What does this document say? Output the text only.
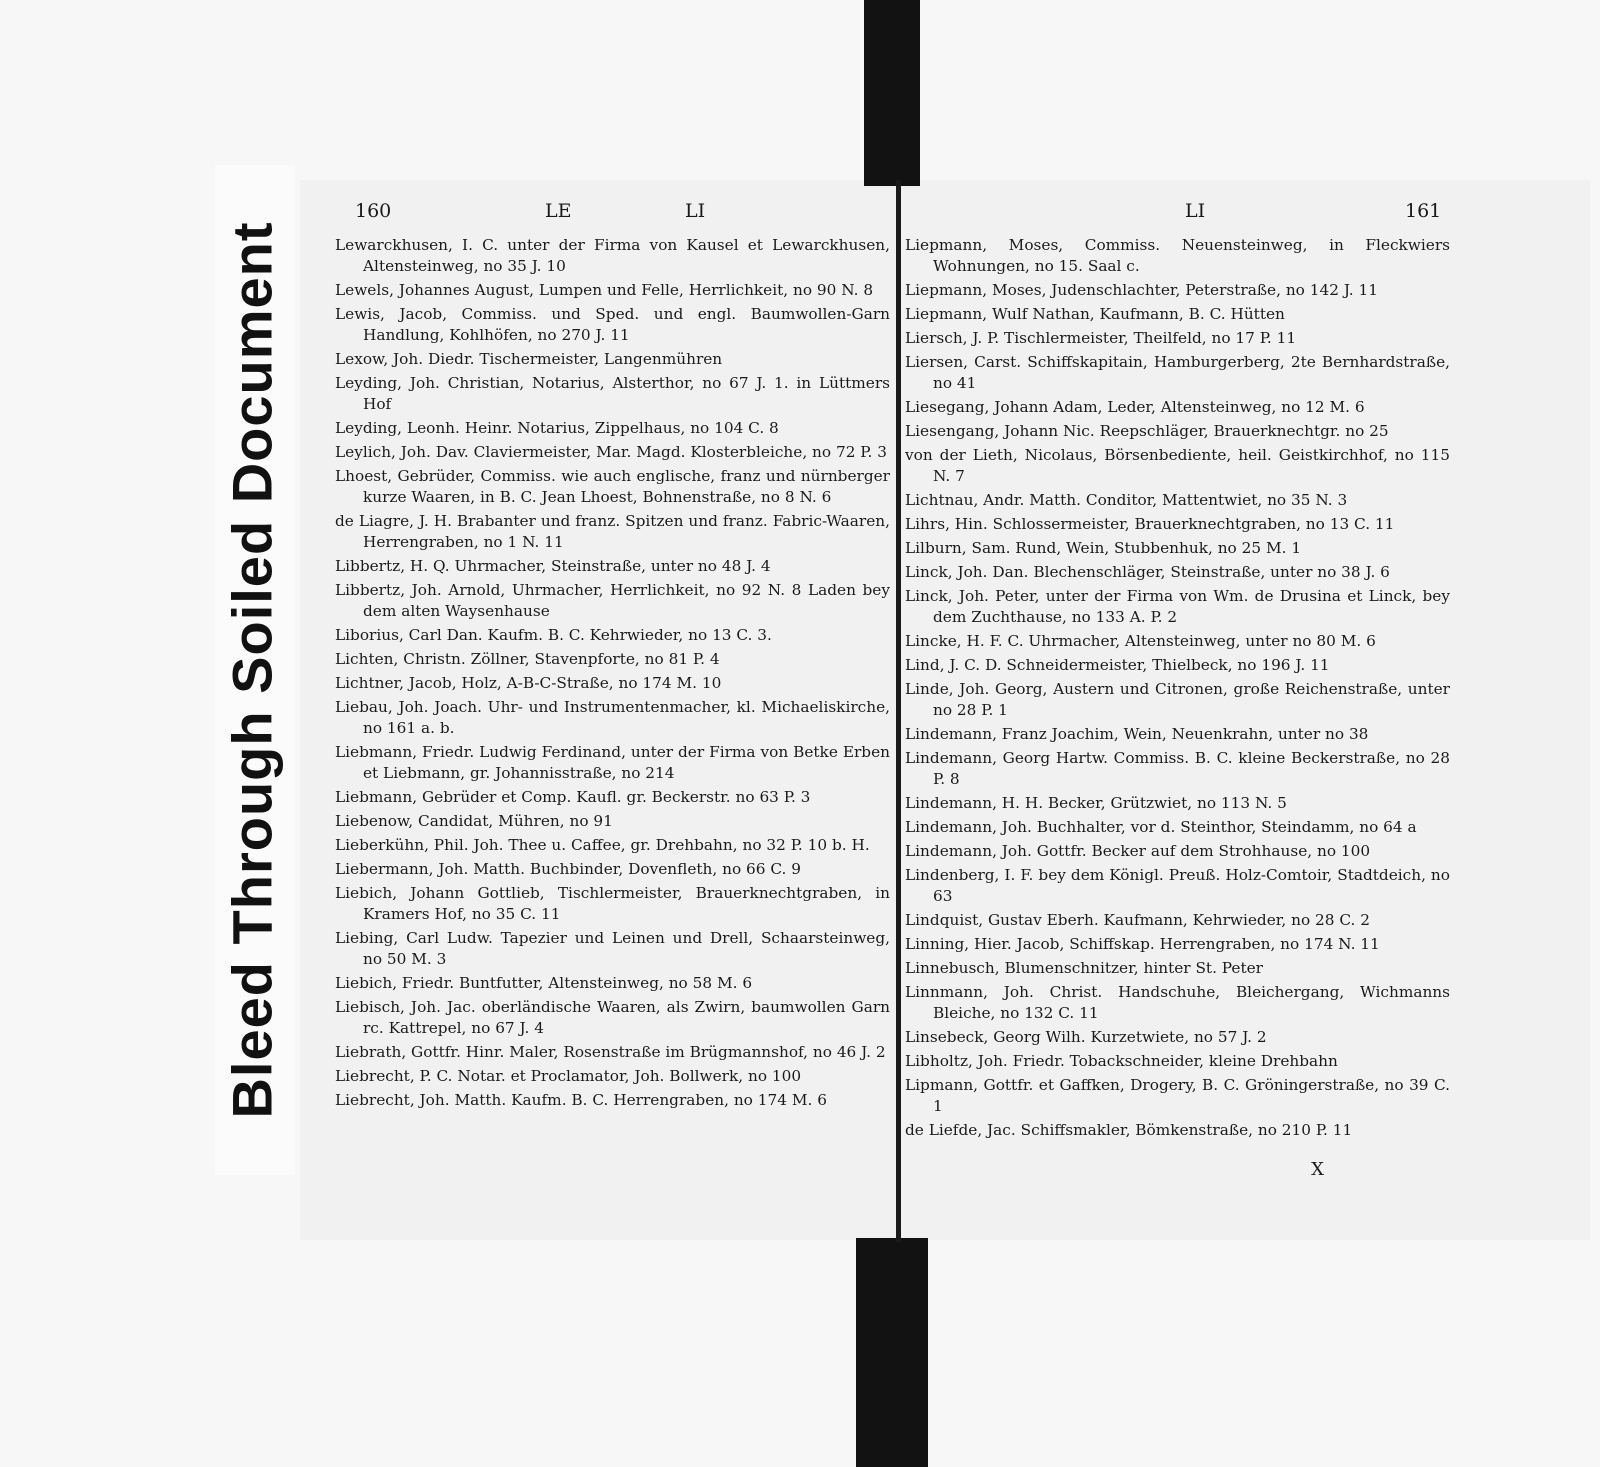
Bleed Through Soiled Document
160	LE	LI
Lewarckhusen, I. C. unter der Firma von Kausel et Lewarckhusen, Altensteinweg, no 35 J. 10
Lewels, Johannes August, Lumpen und Felle, Herrlichkeit, no 90 N. 8
Lewis, Jacob, Commiss. und Sped. und engl. Baumwollen-Garn Handlung, Kohlhöfen, no 270 J. 11
Lexow, Joh. Diedr. Tischermeister, Langenmühren
Leyding, Joh. Christian, Notarius, Alsterthor, no 67 J. 1. in Lüttmers Hof
Leyding, Leonh. Heinr. Notarius, Zippelhaus, no 104 C. 8
Leylich, Joh. Dav. Claviermeister, Mar. Magd. Klosterbleiche, no 72 P. 3
Lhoest, Gebrüder, Commiss. wie auch englische, franz und nürnberger kurze Waaren, in B. C. Jean Lhoest, Bohnenstraße, no 8 N. 6
de Liagre, J. H. Brabanter und franz. Spitzen und franz. Fabric-Waaren, Herrengraben, no 1 N. 11
Libbertz, H. Q. Uhrmacher, Steinstraße, unter no 48 J. 4
Libbertz, Joh. Arnold, Uhrmacher, Herrlichkeit, no 92 N. 8 Laden bey dem alten Waysenhause
Liborius, Carl Dan. Kaufm. B. C. Kehrwieder, no 13 C. 3.
Lichten, Christn. Zöllner, Stavenpforte, no 81 P. 4
Lichtner, Jacob, Holz, A-B-C-Straße, no 174 M. 10
Liebau, Joh. Joach. Uhr- und Instrumentenmacher, kl. Michaeliskirche, no 161 a. b.
Liebmann, Friedr. Ludwig Ferdinand, unter der Firma von Betke Erben et Liebmann, gr. Johannisstraße, no 214
Liebmann, Gebrüder et Comp. Kaufl. gr. Beckerstr. no 63 P. 3
Liebenow, Candidat, Mühren, no 91
Lieberkühn, Phil. Joh. Thee u. Caffee, gr. Drehbahn, no 32 P. 10 b. H.
Liebermann, Joh. Matth. Buchbinder, Dovenfleth, no 66 C. 9
Liebich, Johann Gottlieb, Tischlermeister, Brauerknechtgraben, in Kramers Hof, no 35 C. 11
Liebing, Carl Ludw. Tapezier und Leinen und Drell, Schaarsteinweg, no 50 M. 3
Liebich, Friedr. Buntfutter, Altensteinweg, no 58 M. 6
Liebisch, Joh. Jac. oberländische Waaren, als Zwirn, baumwollen Garn rc. Kattrepel, no 67 J. 4
Liebrath, Gottfr. Hinr. Maler, Rosenstraße im Brügmannshof, no 46 J. 2
Liebrecht, P. C. Notar. et Proclamator, Joh. Bollwerk, no 100
Liebrecht, Joh. Matth. Kaufm. B. C. Herrengraben, no 174 M. 6
LI	161
Liepmann, Moses, Commiss. Neuensteinweg, in Fleckwiers Wohnungen, no 15. Saal c.
Liepmann, Moses, Judenschlachter, Peterstraße, no 142 J. 11
Liepmann, Wulf Nathan, Kaufmann, B. C. Hütten
Liersch, J. P. Tischlermeister, Theilfeld, no 17 P. 11
Liersen, Carst. Schiffskapitain, Hamburgerberg, 2te Bernhardstraße, no 41
Liesegang, Johann Adam, Leder, Altensteinweg, no 12 M. 6
Liesengang, Johann Nic. Reepschläger, Brauerknechtgr. no 25
von der Lieth, Nicolaus, Börsenbediente, heil. Geistkirchhof, no 115 N. 7
Lichtnau, Andr. Matth. Conditor, Mattentwiet, no 35 N. 3
Lihrs, Hin. Schlossermeister, Brauerknechtgraben, no 13 C. 11
Lilburn, Sam. Rund, Wein, Stubbenhuk, no 25 M. 1
Linck, Joh. Dan. Blechenschläger, Steinstraße, unter no 38 J. 6
Linck, Joh. Peter, unter der Firma von Wm. de Drusina et Linck, bey dem Zuchthause, no 133 A. P. 2
Lincke, H. F. C. Uhrmacher, Altensteinweg, unter no 80 M. 6
Lind, J. C. D. Schneidermeister, Thielbeck, no 196 J. 11
Linde, Joh. Georg, Austern und Citronen, große Reichenstraße, unter no 28 P. 1
Lindemann, Franz Joachim, Wein, Neuenkrahn, unter no 38
Lindemann, Georg Hartw. Commiss. B. C. kleine Beckerstraße, no 28 P. 8
Lindemann, H. H. Becker, Grützwiet, no 113 N. 5
Lindemann, Joh. Buchhalter, vor d. Steinthor, Steindamm, no 64 a
Lindemann, Joh. Gottfr. Becker auf dem Strohhause, no 100
Lindenberg, I. F. bey dem Königl. Preuß. Holz-Comtoir, Stadtdeich, no 63
Lindquist, Gustav Eberh. Kaufmann, Kehrwieder, no 28 C. 2
Linning, Hier. Jacob, Schiffskap. Herrengraben, no 174 N. 11
Linnebusch, Blumenschnitzer, hinter St. Peter
Linnmann, Joh. Christ. Handschuhe, Bleichergang, Wichmanns Bleiche, no 132 C. 11
Linsebeck, Georg Wilh. Kurzetwiete, no 57 J. 2
Libholtz, Joh. Friedr. Tobackschneider, kleine Drehbahn
Lipmann, Gottfr. et Gaffken, Drogery, B. C. Gröningerstraße, no 39 C. 1
de Liefde, Jac. Schiffsmakler, Bömkenstraße, no 210 P. 11
X
